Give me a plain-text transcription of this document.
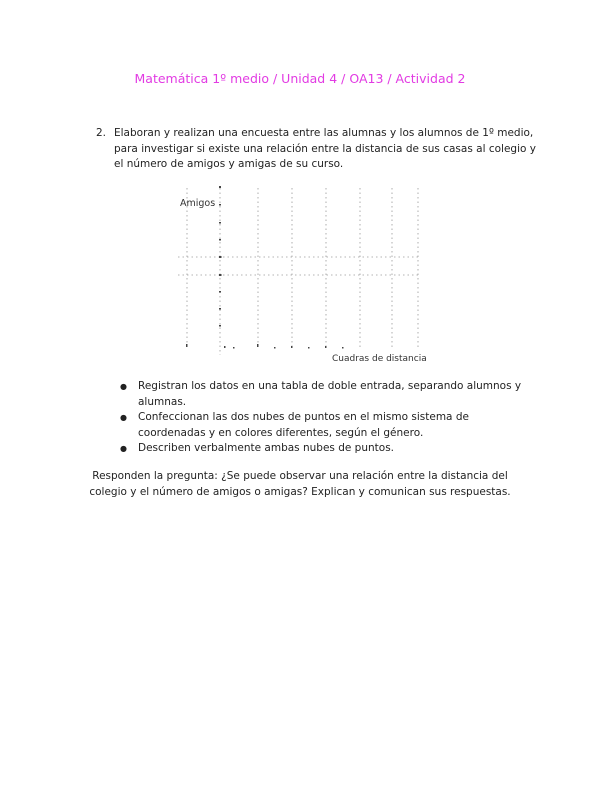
Matemática 1º medio / Unidad 4 / OA13 / Actividad 2
2. Elaboran y realizan una encuesta entre las alumnas y los alumnos de 1º medio, para investigar si existe una relación entre la distancia de sus casas al colegio y el número de amigos y amigas de su curso.
Amigos
Cuadras de distancia
● Registran los datos en una tabla de doble entrada, separando alumnos y alumnas.
● Confeccionan las dos nubes de puntos en el mismo sistema de coordenadas y en colores diferentes, según el género.
● Describen verbalmente ambas nubes de puntos.
Responden la pregunta: ¿Se puede observar una relación entre la distancia del colegio y el número de amigos o amigas? Explican y comunican sus respuestas.
